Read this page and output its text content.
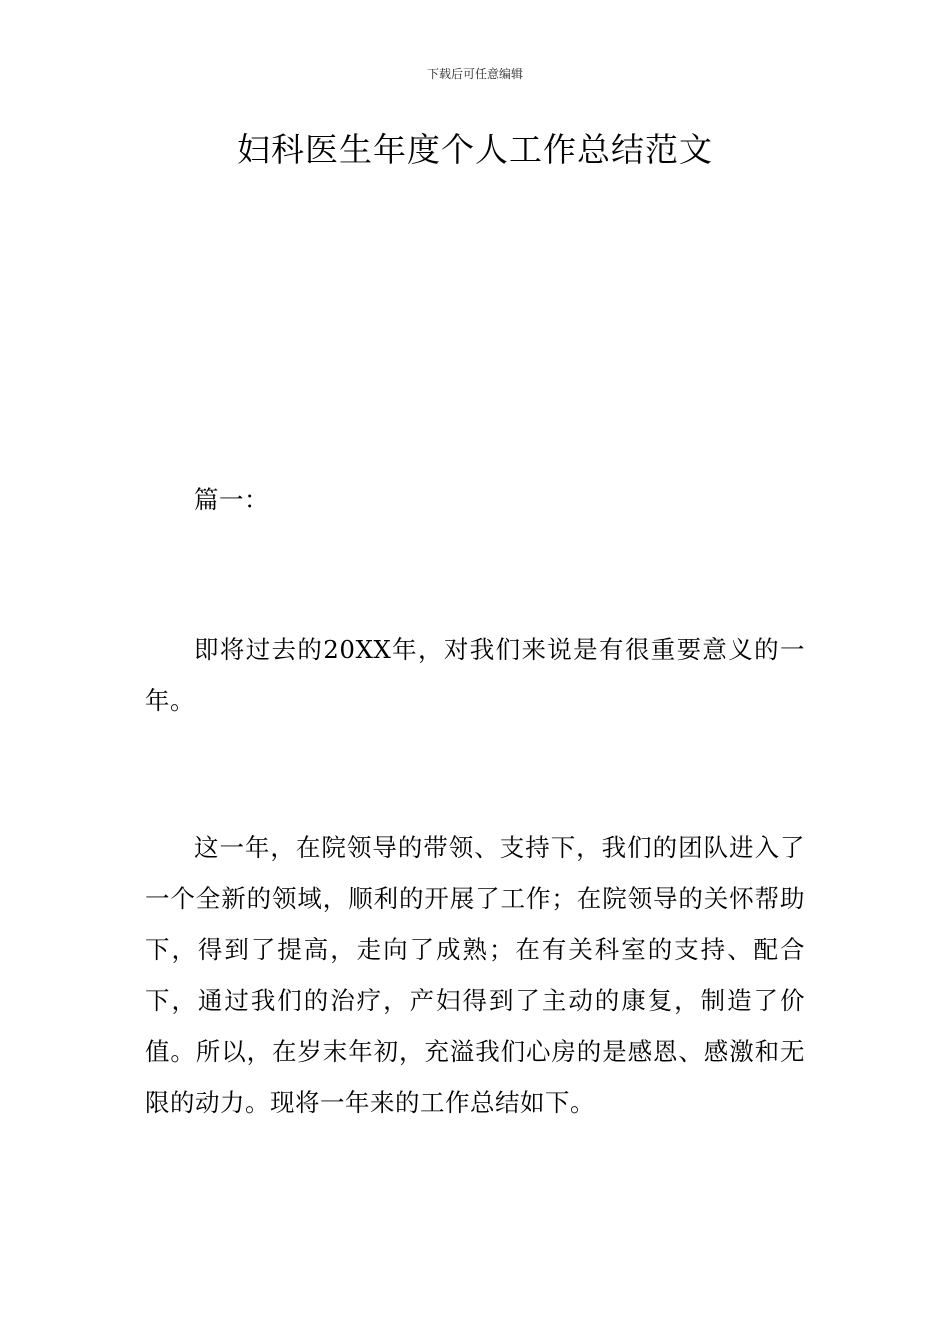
下载后可任意编辑
妇科医生年度个人工作总结范文

篇一：

即将过去的20XX年，对我们来说是有很重要意义的一年。

这一年，在院领导的带领、支持下，我们的团队进入了一个全新的领域，顺利的开展了工作；在院领导的关怀帮助下，得到了提高，走向了成熟；在有关科室的支持、配合下，通过我们的治疗，产妇得到了主动的康复，制造了价值。所以，在岁末年初，充溢我们心房的是感恩、感激和无限的动力。现将一年来的工作总结如下。
